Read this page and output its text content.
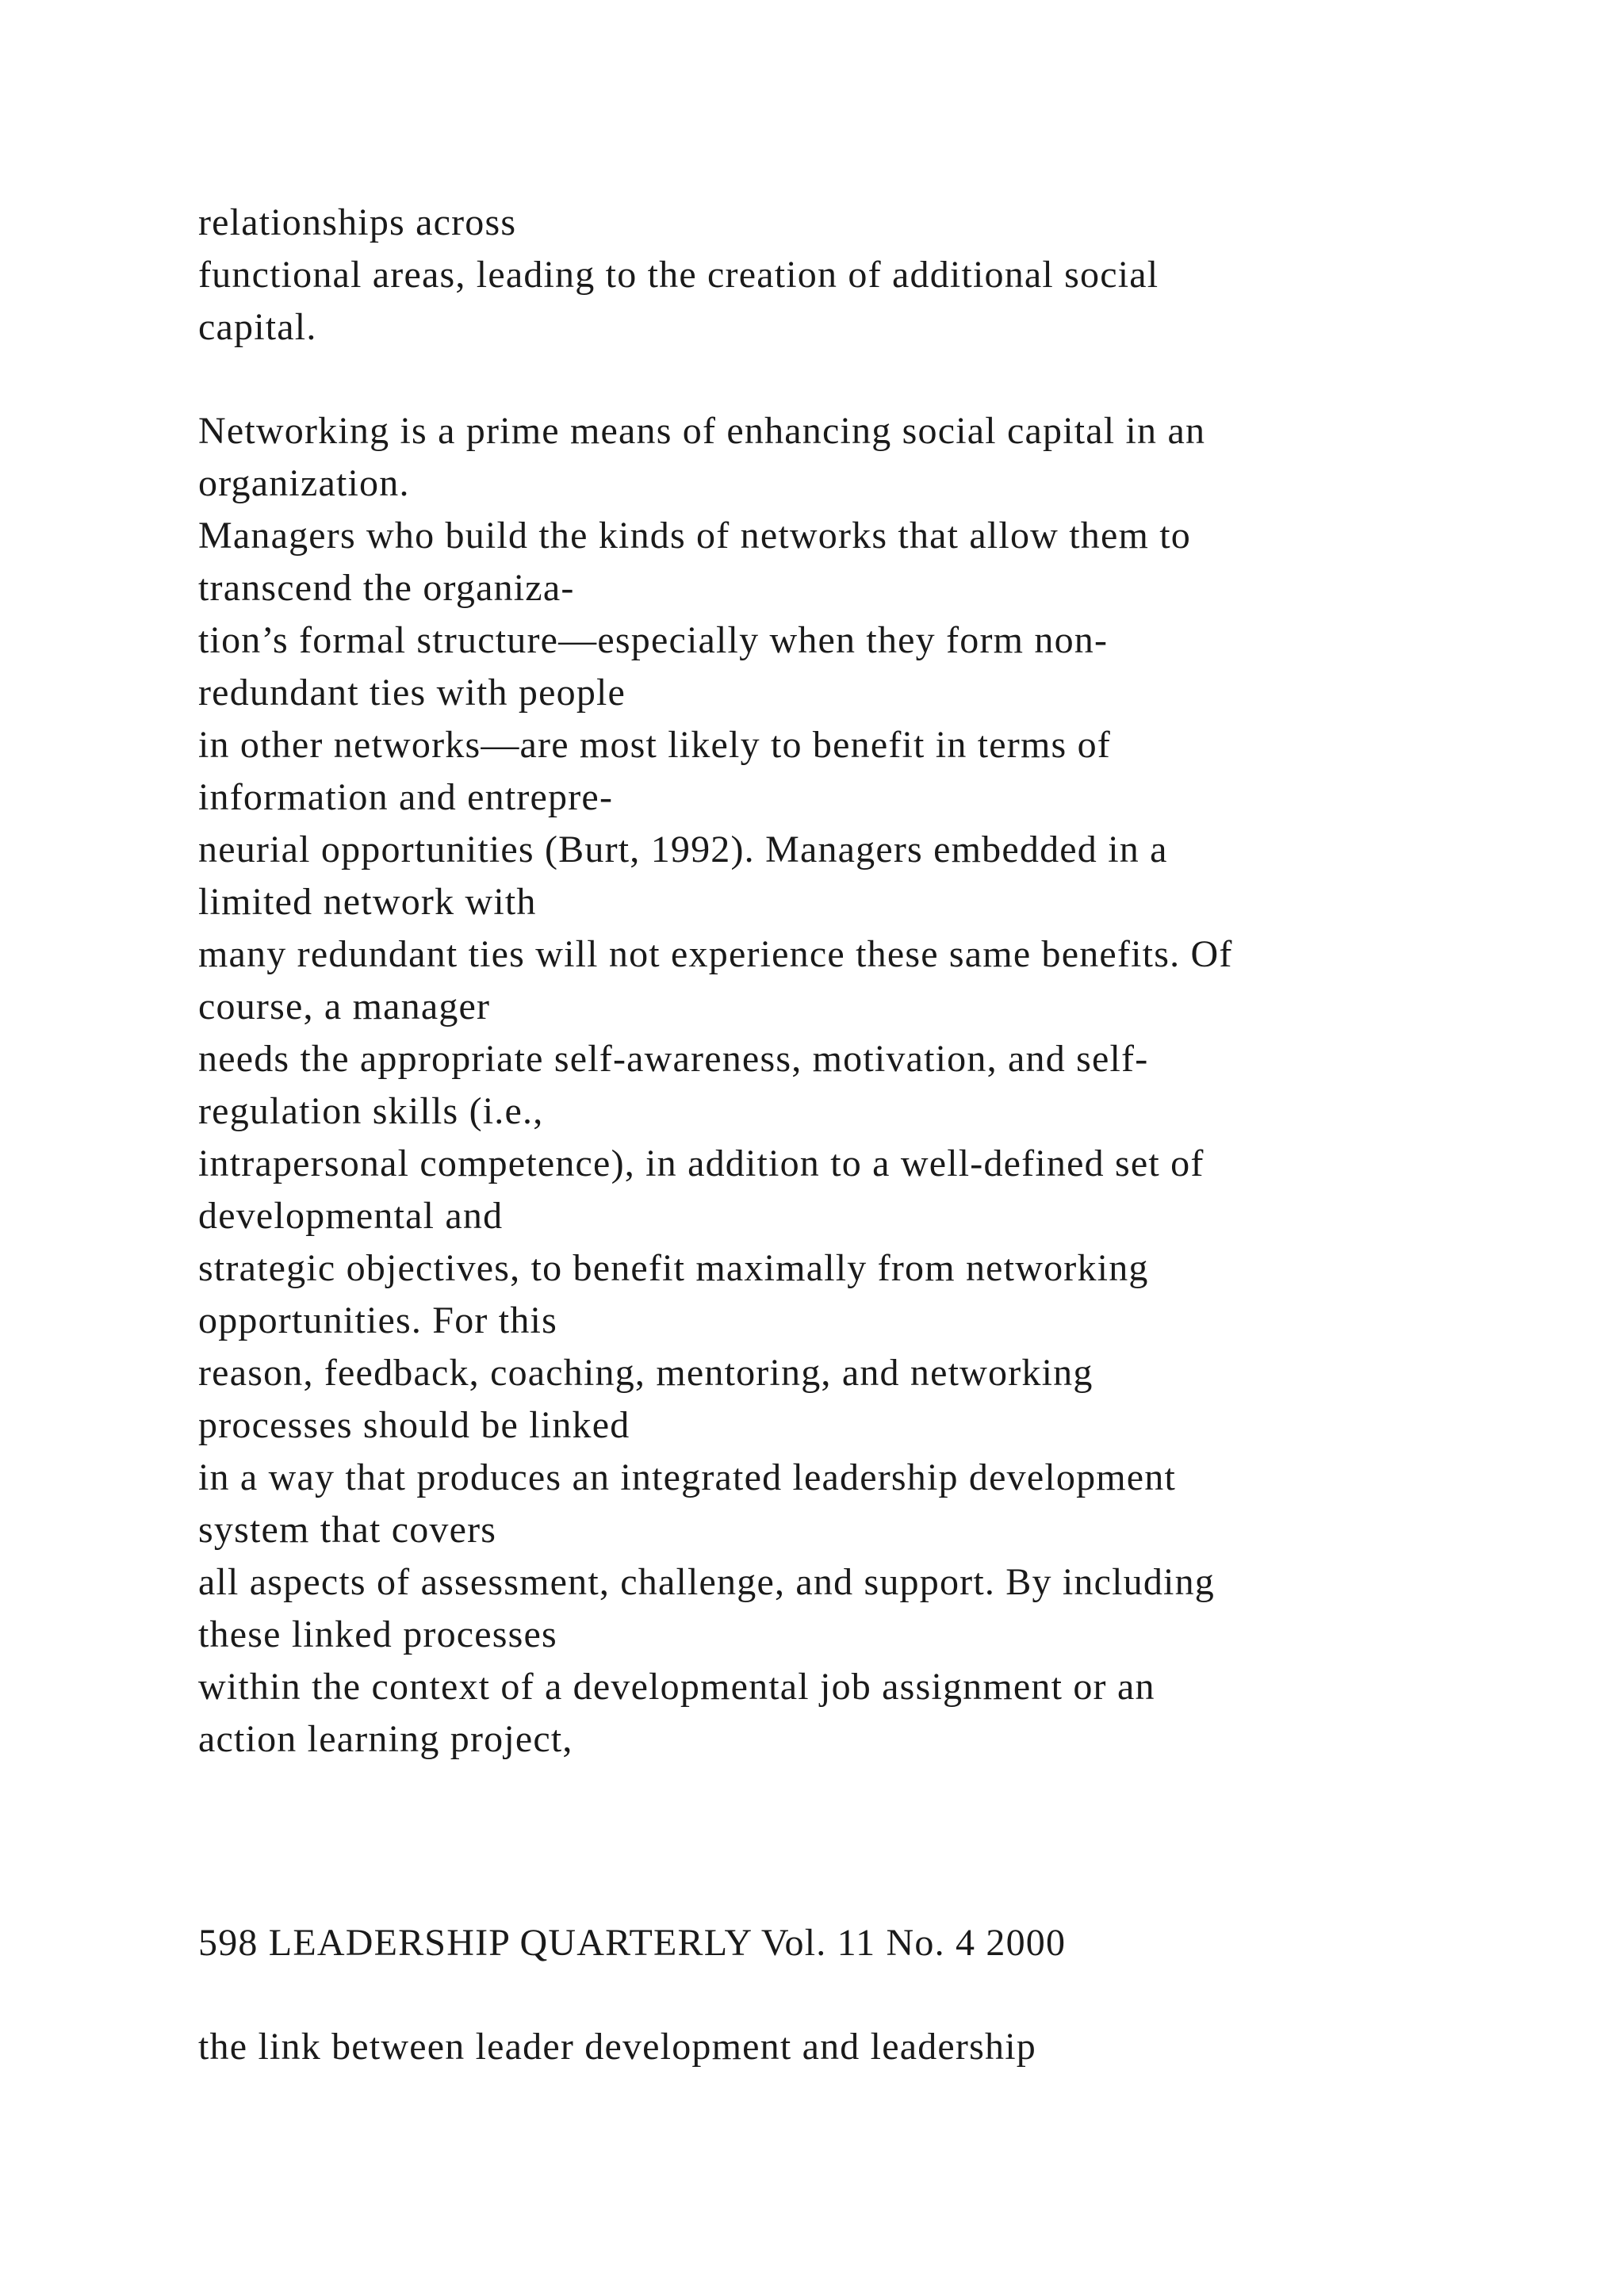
relationships across
functional areas, leading to the creation of additional social
capital.
Networking is a prime means of enhancing social capital in an
organization.
Managers who build the kinds of networks that allow them to
transcend the organiza-
tion’s formal structure—especially when they form non-
redundant ties with people
in other networks—are most likely to benefit in terms of
information and entrepre-
neurial opportunities (Burt, 1992). Managers embedded in a
limited network with
many redundant ties will not experience these same benefits. Of
course, a manager
needs the appropriate self-awareness, motivation, and self-
regulation skills (i.e.,
intrapersonal competence), in addition to a well-defined set of
developmental and
strategic objectives, to benefit maximally from networking
opportunities. For this
reason, feedback, coaching, mentoring, and networking
processes should be linked
in a way that produces an integrated leadership development
system that covers
all aspects of assessment, challenge, and support. By including
these linked processes
within the context of a developmental job assignment or an
action learning project,
598 LEADERSHIP QUARTERLY Vol. 11 No. 4 2000
the link between leader development and leadership
